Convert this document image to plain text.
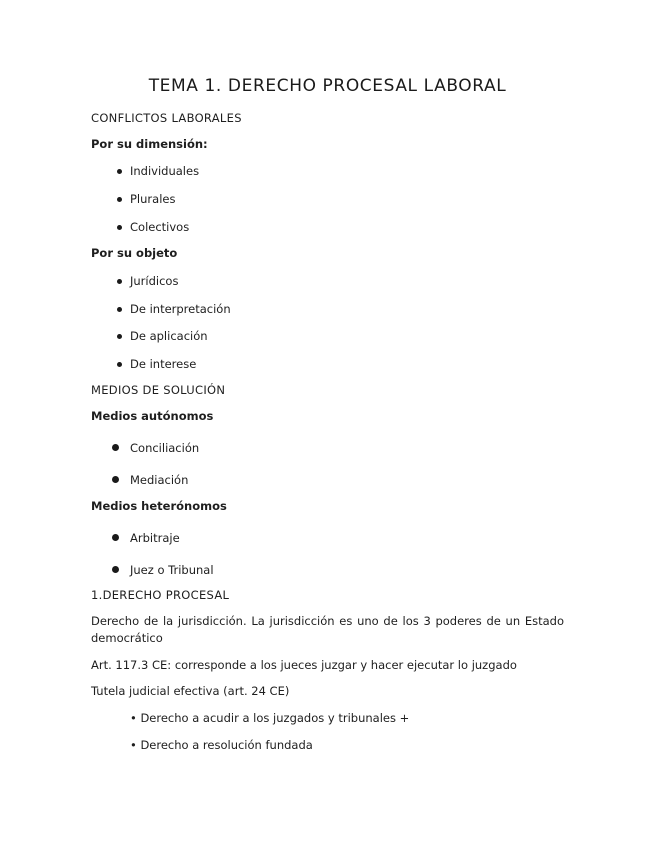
TEMA 1. DERECHO PROCESAL LABORAL
CONFLICTOS LABORALES
Por su dimensión:
Individuales
Plurales
Colectivos
Por su objeto
Jurídicos
De interpretación
De aplicación
De interese
MEDIOS DE SOLUCIÓN
Medios autónomos
Conciliación
Mediación
Medios heterónomos
Arbitraje
Juez o Tribunal
1.DERECHO PROCESAL
Derecho de la jurisdicción. La jurisdicción es uno de los 3 poderes de un Estado democrático
Art. 117.3 CE: corresponde a los jueces juzgar y hacer ejecutar lo juzgado
Tutela judicial efectiva (art. 24 CE)
• Derecho a acudir a los juzgados y tribunales +
• Derecho a resolución fundada
